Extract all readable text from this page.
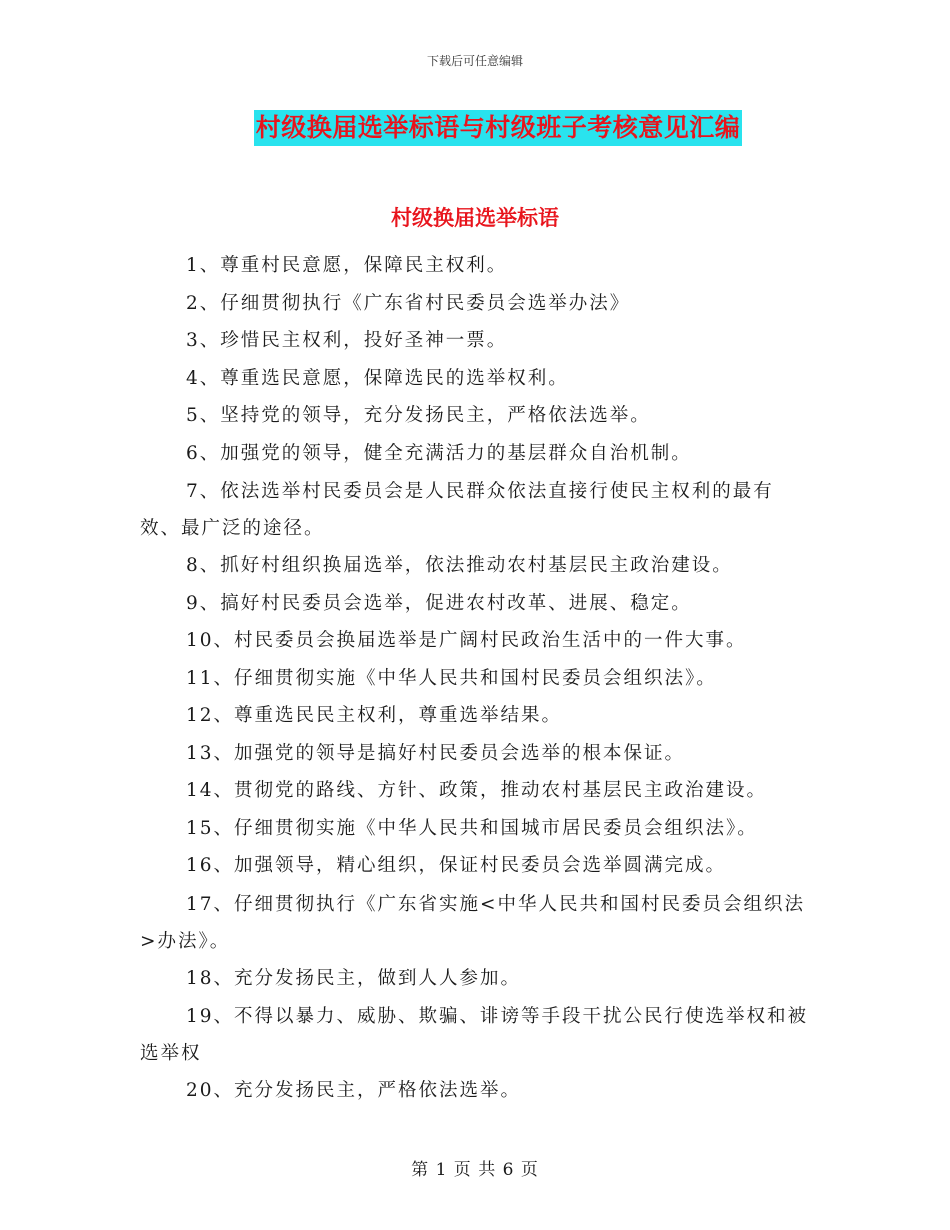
下载后可任意编辑
村级换届选举标语与村级班子考核意见汇编
村级换届选举标语

1、尊重村民意愿，保障民主权利。

2、仔细贯彻执行《广东省村民委员会选举办法》

3、珍惜民主权利，投好圣神一票。

4、尊重选民意愿，保障选民的选举权利。

5、坚持党的领导，充分发扬民主，严格依法选举。

6、加强党的领导，健全充满活力的基层群众自治机制。

7、依法选举村民委员会是人民群众依法直接行使民主权利的最有效、最广泛的途径。

8、抓好村组织换届选举，依法推动农村基层民主政治建设。

9、搞好村民委员会选举，促进农村改革、进展、稳定。

10、村民委员会换届选举是广阔村民政治生活中的一件大事。

11、仔细贯彻实施《中华人民共和国村民委员会组织法》。

12、尊重选民民主权利，尊重选举结果。

13、加强党的领导是搞好村民委员会选举的根本保证。

14、贯彻党的路线、方针、政策，推动农村基层民主政治建设。

15、仔细贯彻实施《中华人民共和国城市居民委员会组织法》。

16、加强领导，精心组织，保证村民委员会选举圆满完成。

17、仔细贯彻执行《广东省实施<中华人民共和国村民委员会组织法>办法》。

18、充分发扬民主，做到人人参加。

19、不得以暴力、威胁、欺骗、诽谤等手段干扰公民行使选举权和被选举权

20、充分发扬民主，严格依法选举。

第 1 页 共 6 页
